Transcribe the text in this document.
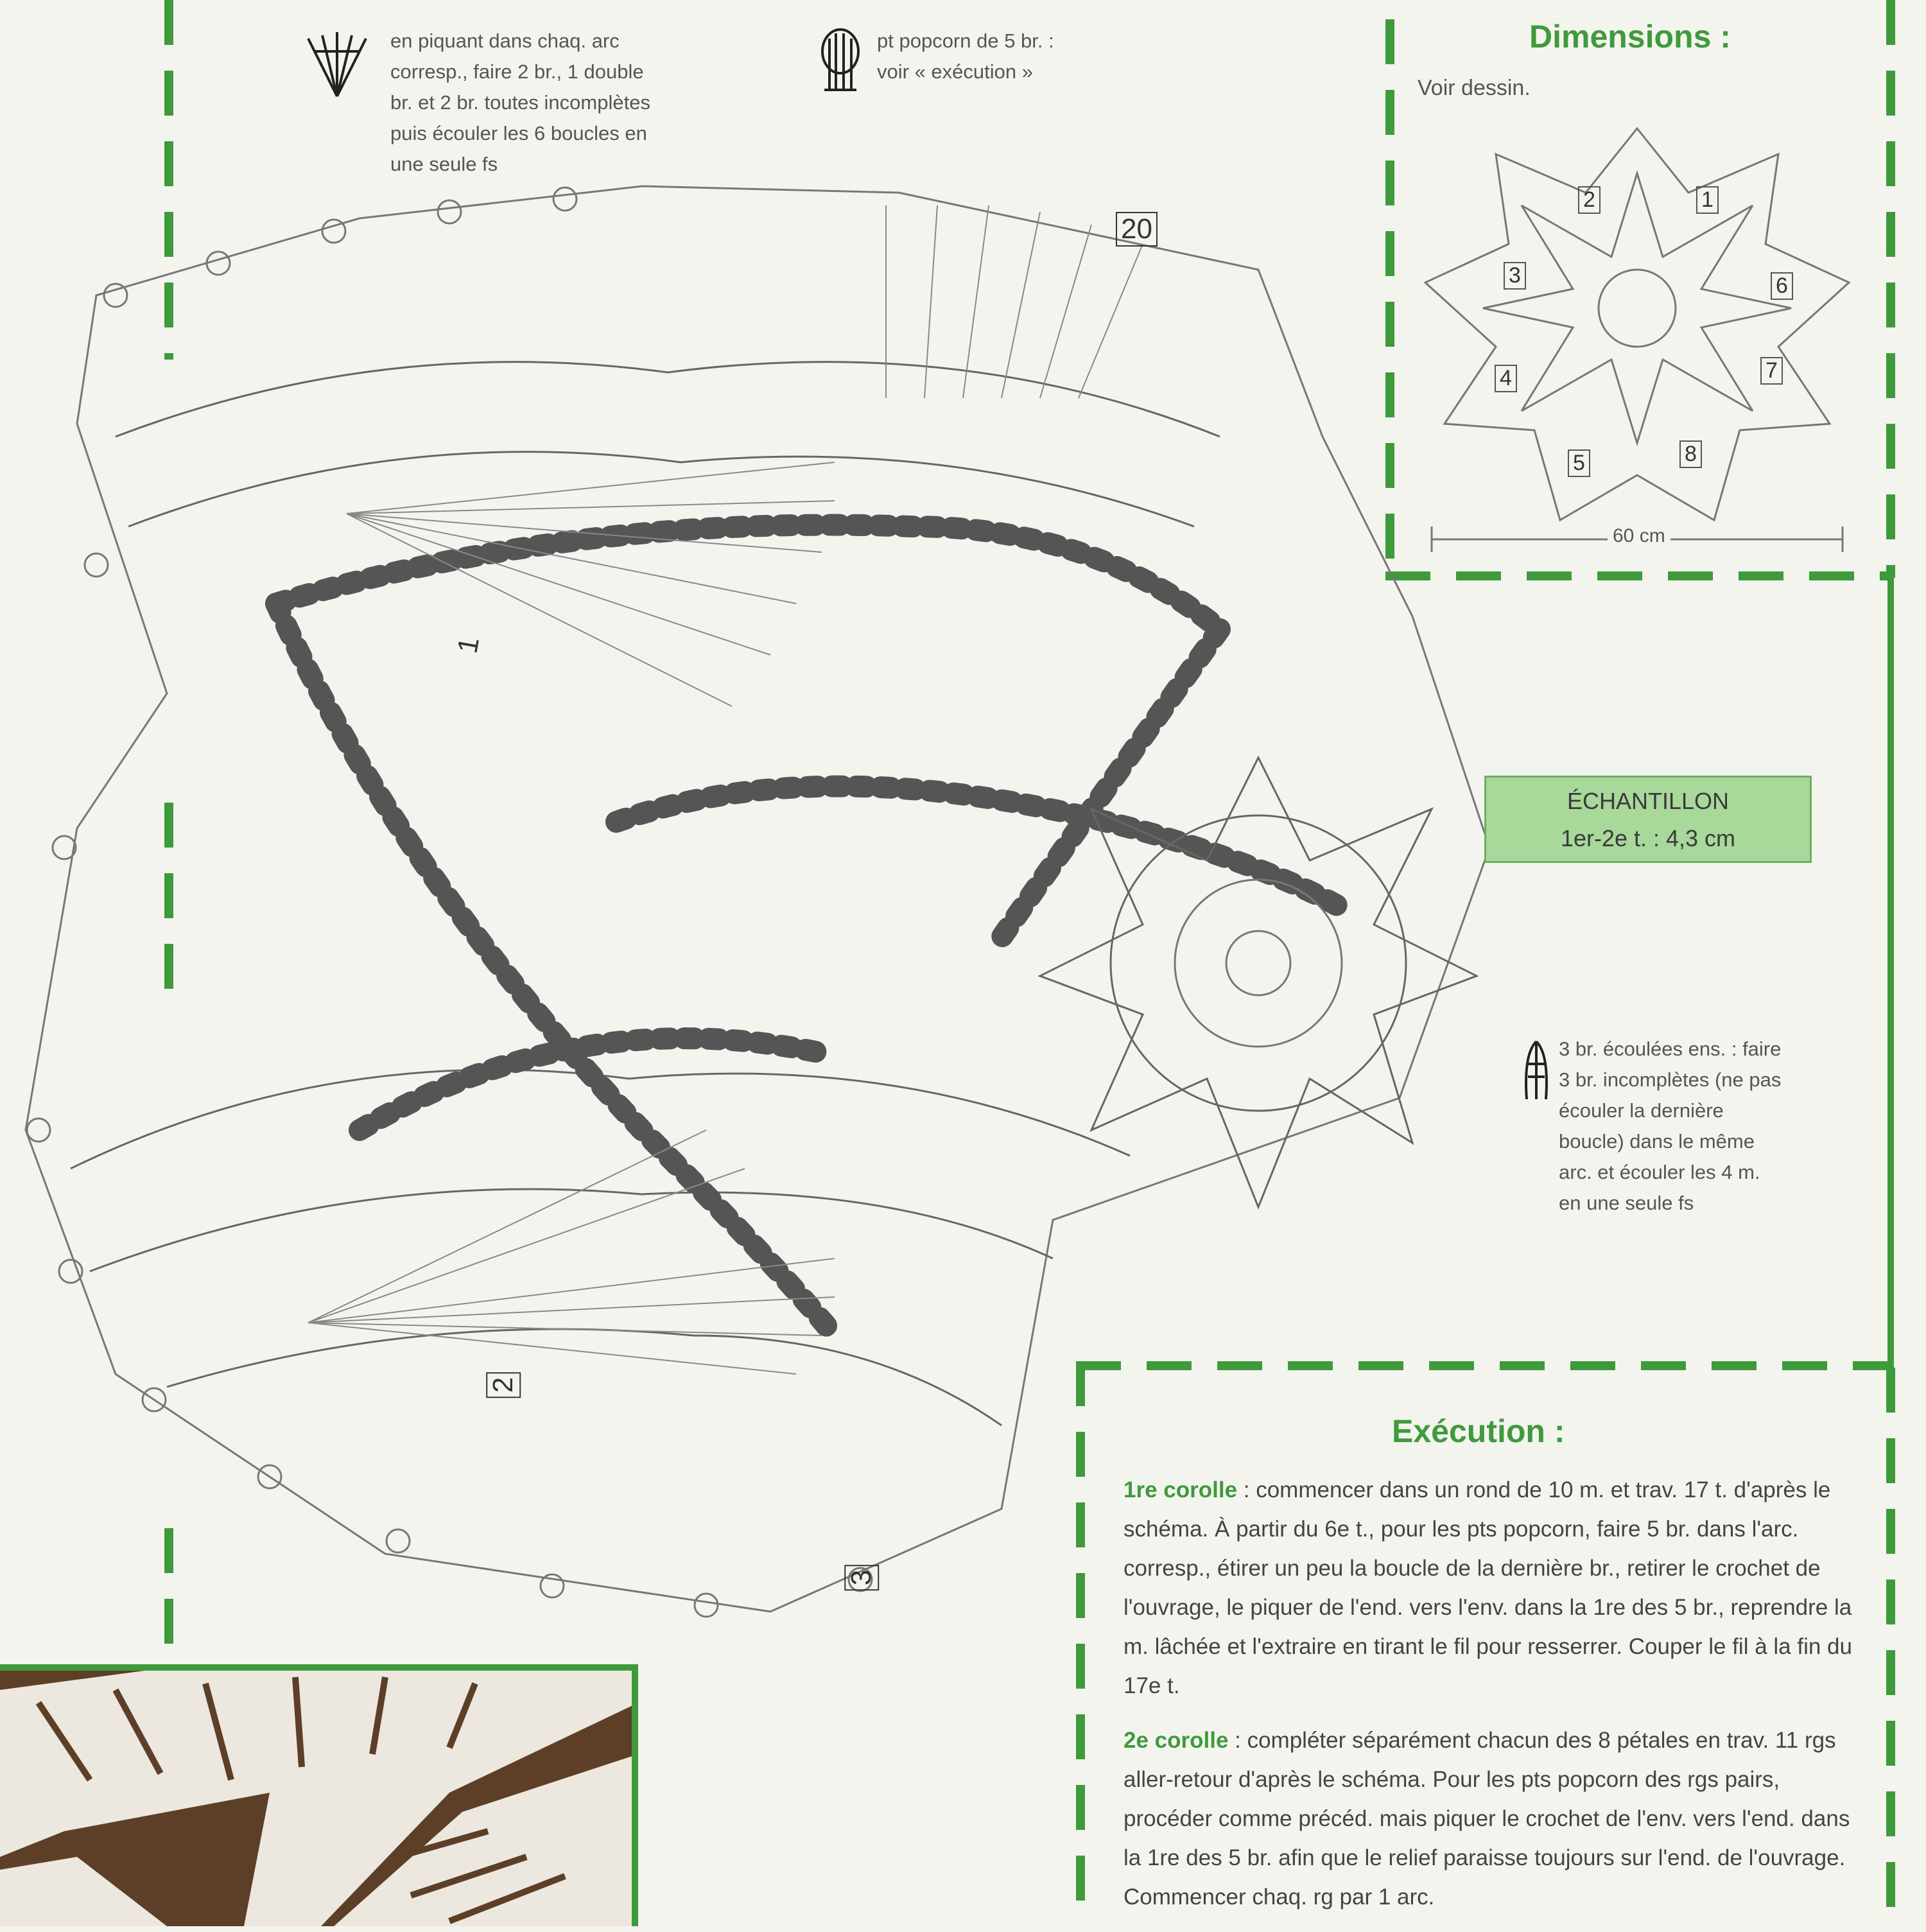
en piquant dans chaq. arc
corresp., faire 2 br., 1 double
br. et 2 br. toutes incomplètes
puis écouler les 6 boucles en
une seule fs
pt popcorn de 5 br. :
voir « exécution »
20
1
2
3
Dimensions :
Voir dessin.
1
2
3
4
5
6
7
8
60 cm
ÉCHANTILLON
1er-2e t. : 4,3 cm
3 br. écoulées ens. : faire
3 br. incomplètes (ne pas
écouler la dernière
boucle) dans le même
arc. et écouler les 4 m.
en une seule fs
Exécution :

1re corolle : commencer dans un rond de 10 m. et trav. 17 t. d'après le schéma. À partir du 6e t., pour les pts popcorn, faire 5 br. dans l'arc. corresp., étirer un peu la boucle de la dernière br., retirer le crochet de l'ouvrage, le piquer de l'end. vers l'env. dans la 1re des 5 br., reprendre la m. lâchée et l'extraire en tirant le fil pour resserrer. Couper le fil à la fin du 17e t.

2e corolle : compléter séparément chacun des 8 pétales en trav. 11 rgs aller-retour d'après le schéma. Pour les pts popcorn des rgs pairs, procéder comme précéd. mais piquer le crochet de l'env. vers l'end. dans la 1re des 5 br. afin que le relief paraisse toujours sur l'end. de l'ouvrage. Commencer chaq. rg par 1 arc.
